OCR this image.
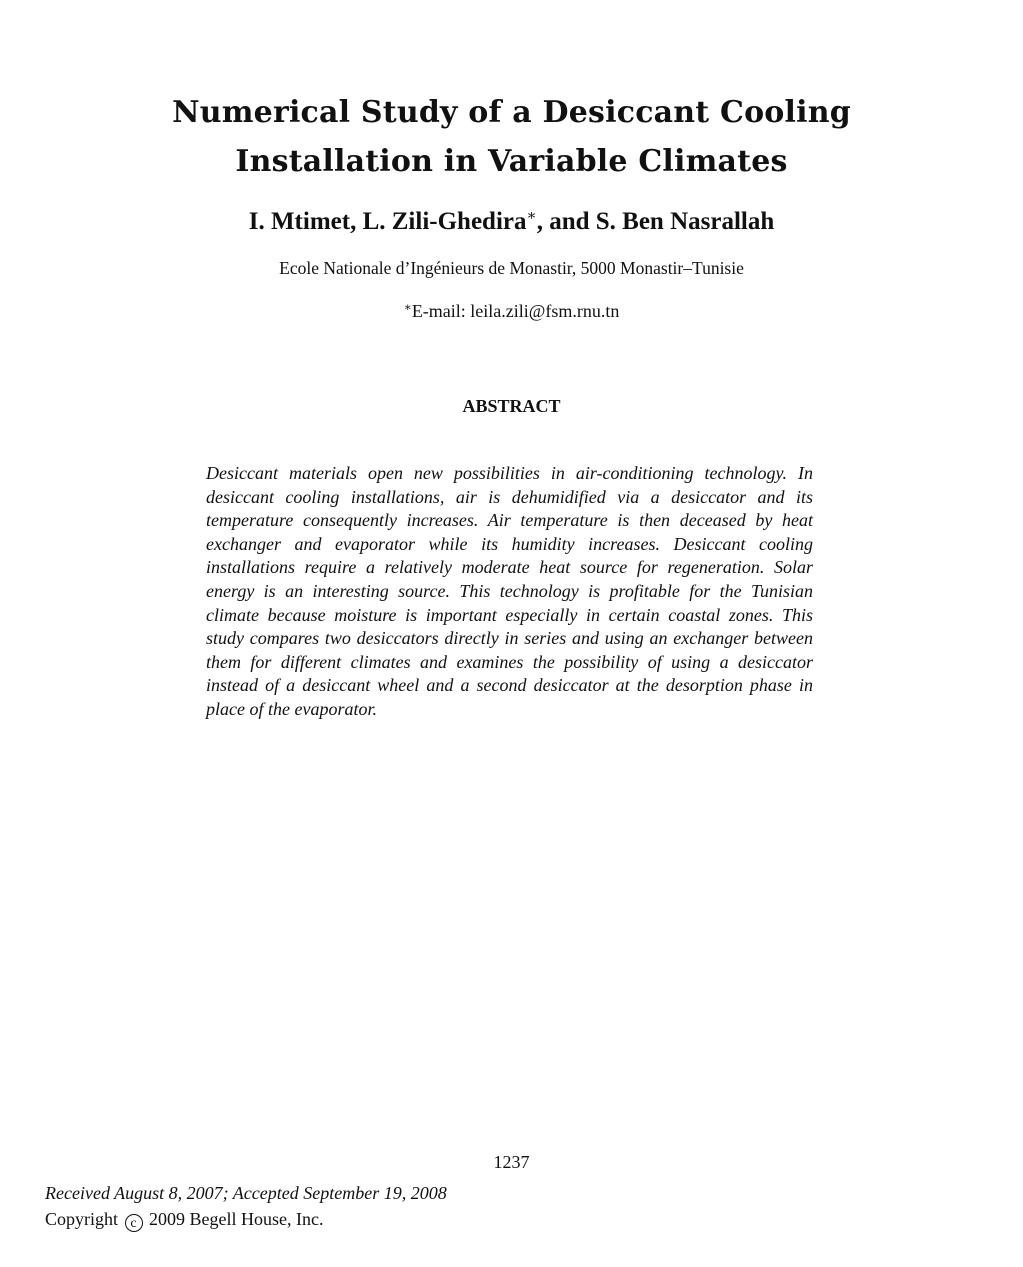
Numerical Study of a Desiccant Cooling
Installation in Variable Climates
I. Mtimet, L. Zili-Ghedira∗, and S. Ben Nasrallah
Ecole Nationale d’Ingénieurs de Monastir, 5000 Monastir–Tunisie
∗E-mail: leila.zili@fsm.rnu.tn
ABSTRACT
Desiccant materials open new possibilities in air-conditioning technology. In desiccant cooling installations, air is dehumidified via a desiccator and its temperature consequently increases. Air temperature is then deceased by heat exchanger and evaporator while its humidity increases. Desiccant cooling installations require a relatively moderate heat source for regeneration. Solar energy is an interesting source. This technology is profitable for the Tunisian climate because moisture is important especially in certain coastal zones. This study compares two desiccators directly in series and using an exchanger between them for different climates and examines the possibility of using a desiccator instead of a desiccant wheel and a second desiccator at the desorption phase in place of the evaporator.
1237
Received August 8, 2007; Accepted September 19, 2008
Copyright c 2009 Begell House, Inc.
